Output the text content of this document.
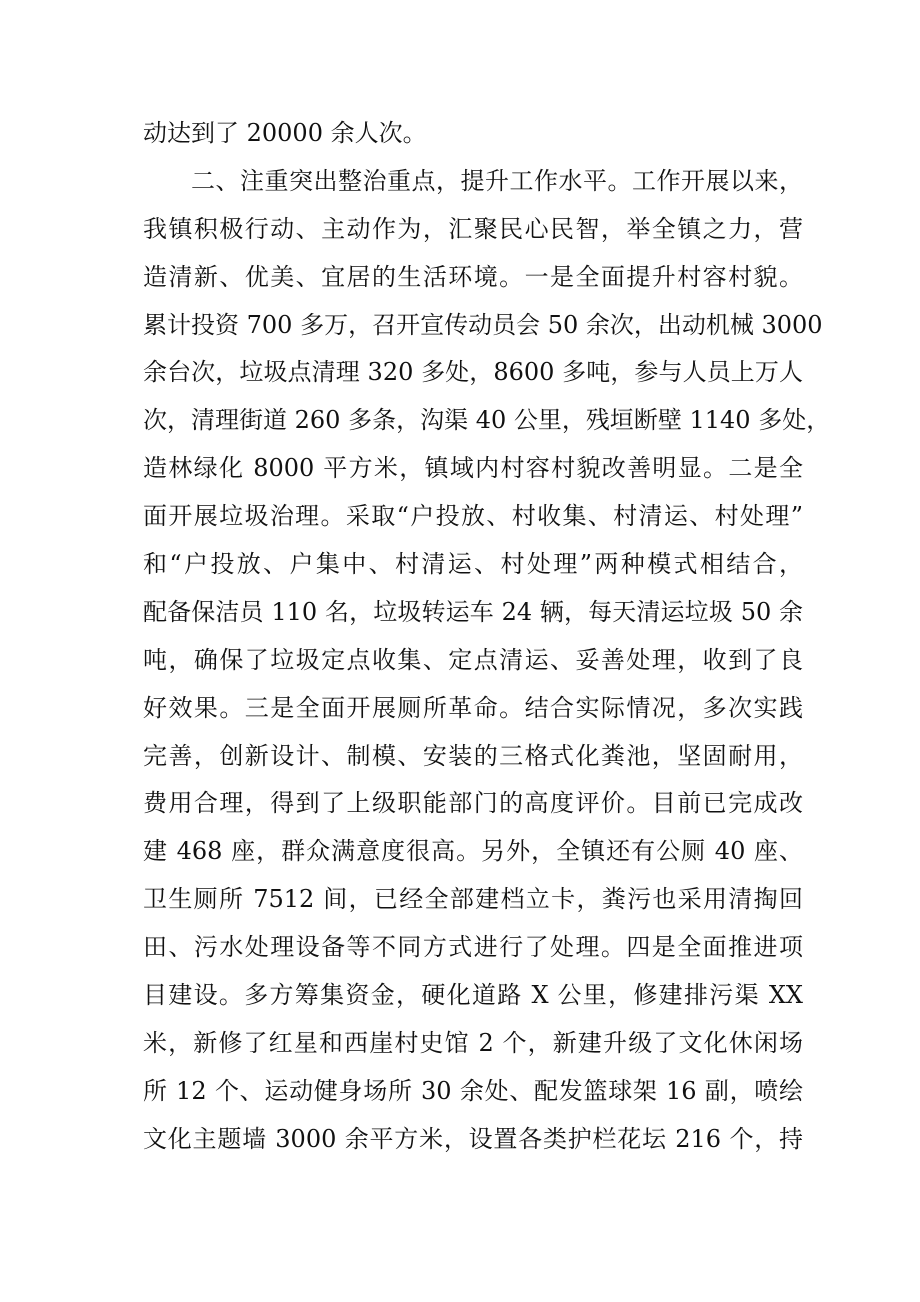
动达到了 20000 余人次。
二、注重突出整治重点，提升工作水平。工作开展以来，
我镇积极行动、主动作为，汇聚民心民智，举全镇之力，营
造清新、优美、宜居的生活环境。一是全面提升村容村貌。
累计投资 700 多万，召开宣传动员会 50 余次，出动机械 3000
余台次，垃圾点清理 320 多处，8600 多吨，参与人员上万人
次，清理街道 260 多条，沟渠 40 公里，残垣断壁 1140 多处，
造林绿化 8000 平方米，镇域内村容村貌改善明显。二是全
面开展垃圾治理。采取“户投放、村收集、村清运、村处理”
和“户投放、户集中、村清运、村处理”两种模式相结合，
配备保洁员 110 名，垃圾转运车 24 辆，每天清运垃圾 50 余
吨，确保了垃圾定点收集、定点清运、妥善处理，收到了良
好效果。三是全面开展厕所革命。结合实际情况，多次实践
完善，创新设计、制模、安装的三格式化粪池，坚固耐用，
费用合理，得到了上级职能部门的高度评价。目前已完成改
建 468 座，群众满意度很高。另外，全镇还有公厕 40 座、
卫生厕所 7512 间，已经全部建档立卡，粪污也采用清掏回
田、污水处理设备等不同方式进行了处理。四是全面推进项
目建设。多方筹集资金，硬化道路 X 公里，修建排污渠 XX
米，新修了红星和西崖村史馆 2 个，新建升级了文化休闲场
所 12 个、运动健身场所 30 余处、配发篮球架 16 副，喷绘
文化主题墙 3000 余平方米，设置各类护栏花坛 216 个，持
